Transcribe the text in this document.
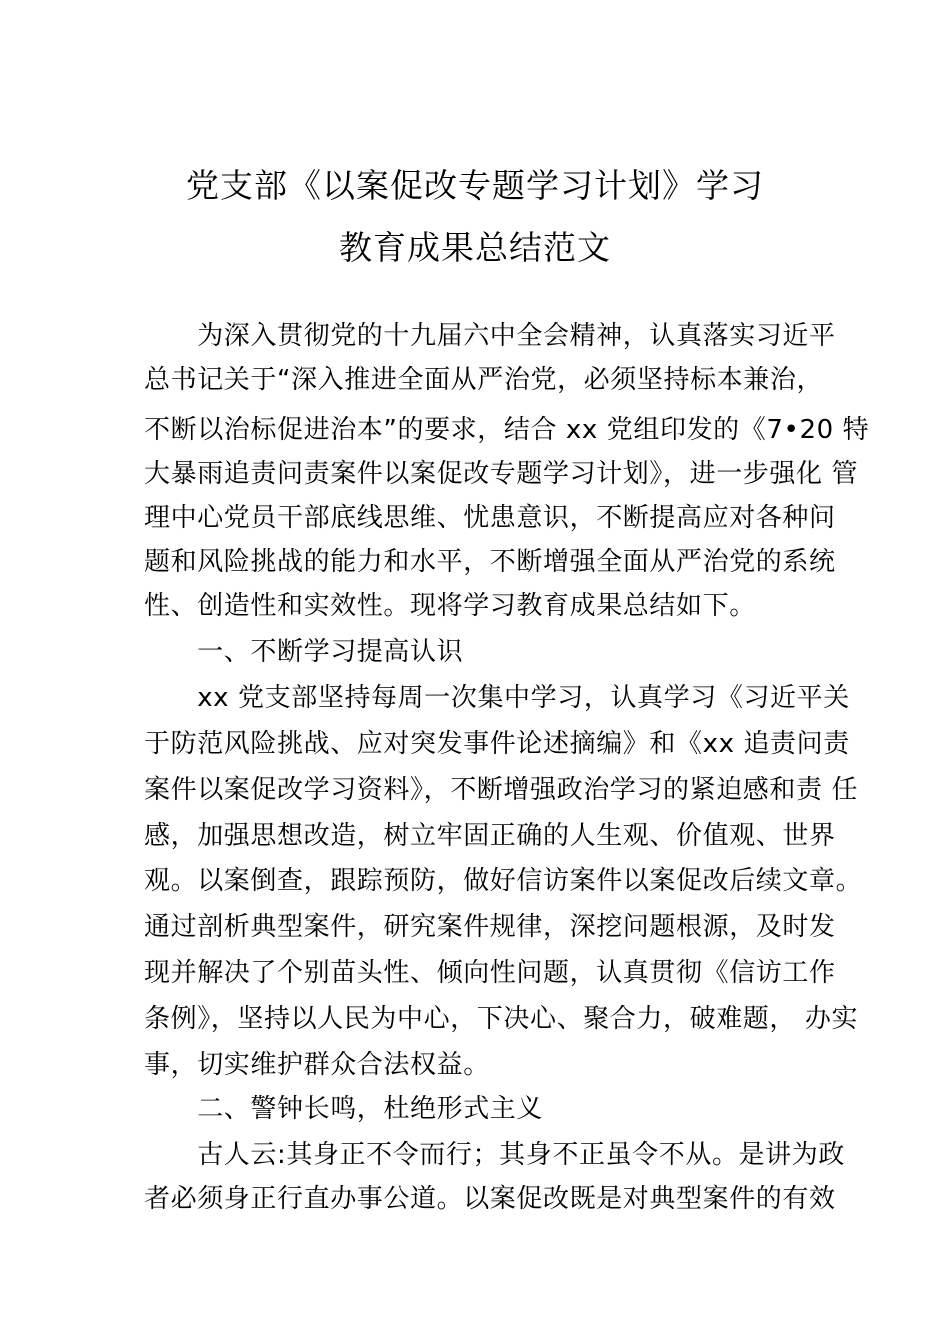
党支部《以案促改专题学习计划》学习
教育成果总结范文
　　为深入贯彻党的十九届六中全会精神，认真落实习近平
总书记关于“深入推进全面从严治党，必须坚持标本兼治，
不断以治标促进治本”的要求，结合 xx 党组印发的《7•20 特
大暴雨追责问责案件以案促改专题学习计划》，进一步强化 管
理中心党员干部底线思维、忧患意识，不断提高应对各种问
题和风险挑战的能力和水平，不断增强全面从严治党的系统
性、创造性和实效性。现将学习教育成果总结如下。
　　一、不断学习提高认识
　　xx 党支部坚持每周一次集中学习，认真学习《习近平关
于防范风险挑战、应对突发事件论述摘编》和《xx 追责问责
案件以案促改学习资料》，不断增强政治学习的紧迫感和责 任
感，加强思想改造，树立牢固正确的人生观、价值观、世界
观。以案倒查，跟踪预防，做好信访案件以案促改后续文章。
通过剖析典型案件，研究案件规律，深挖问题根源，及时发
现并解决了个别苗头性、倾向性问题，认真贯彻《信访工作
条例》，坚持以人民为中心，下决心、聚合力，破难题， 办实
事，切实维护群众合法权益。
　　二、警钟长鸣，杜绝形式主义
　　古人云:其身正不令而行；其身不正虽令不从。是讲为政
者必须身正行直办事公道。以案促改既是对典型案件的有效
